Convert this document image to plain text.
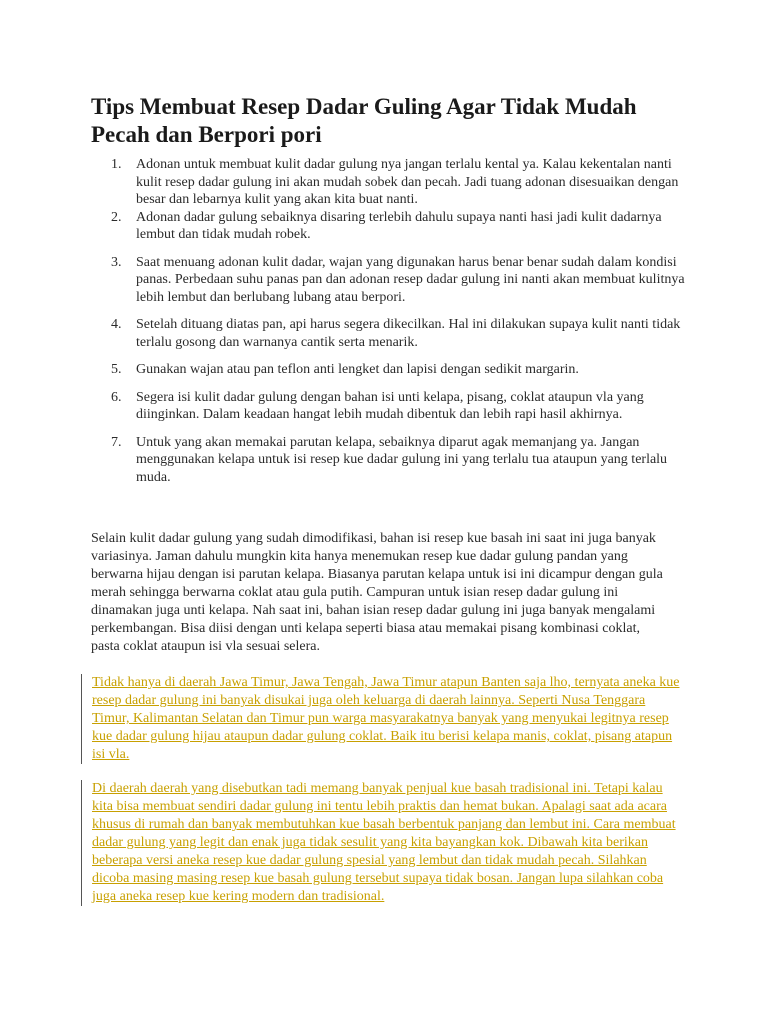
Tips Membuat Resep Dadar Guling Agar Tidak Mudah Pecah dan Berpori pori
1. Adonan untuk membuat kulit dadar gulung nya jangan terlalu kental ya. Kalau kekentalan nanti kulit resep dadar gulung ini akan mudah sobek dan pecah. Jadi tuang adonan disesuaikan dengan besar dan lebarnya kulit yang akan kita buat nanti.
2. Adonan dadar gulung sebaiknya disaring terlebih dahulu supaya nanti hasi jadi kulit dadarnya lembut dan tidak mudah robek.
3. Saat menuang adonan kulit dadar, wajan yang digunakan harus benar benar sudah dalam kondisi panas. Perbedaan suhu panas pan dan adonan resep dadar gulung ini nanti akan membuat kulitnya lebih lembut dan berlubang lubang atau berpori.
4. Setelah dituang diatas pan, api harus segera dikecilkan. Hal ini dilakukan supaya kulit nanti tidak terlalu gosong dan warnanya cantik serta menarik.
5. Gunakan wajan atau pan teflon anti lengket dan lapisi dengan sedikit margarin.
6. Segera isi kulit dadar gulung dengan bahan isi unti kelapa, pisang, coklat ataupun vla yang diinginkan. Dalam keadaan hangat lebih mudah dibentuk dan lebih rapi hasil akhirnya.
7. Untuk yang akan memakai parutan kelapa, sebaiknya diparut agak memanjang ya. Jangan menggunakan kelapa untuk isi resep kue dadar gulung ini yang terlalu tua ataupun yang terlalu muda.

Selain kulit dadar gulung yang sudah dimodifikasi, bahan isi resep kue basah ini saat ini juga banyak variasinya. Jaman dahulu mungkin kita hanya menemukan resep kue dadar gulung pandan yang berwarna hijau dengan isi parutan kelapa. Biasanya parutan kelapa untuk isi ini dicampur dengan gula merah sehingga berwarna coklat atau gula putih. Campuran untuk isian resep dadar gulung ini dinamakan juga unti kelapa. Nah saat ini, bahan isian resep dadar gulung ini juga banyak mengalami perkembangan. Bisa diisi dengan unti kelapa seperti biasa atau memakai pisang kombinasi coklat, pasta coklat ataupun isi vla sesuai selera.

Tidak hanya di daerah Jawa Timur, Jawa Tengah, Jawa Timur atapun Banten saja lho, ternyata aneka kue resep dadar gulung ini banyak disukai juga oleh keluarga di daerah lainnya. Seperti Nusa Tenggara Timur, Kalimantan Selatan dan Timur pun warga masyarakatnya banyak yang menyukai legitnya resep kue dadar gulung hijau ataupun dadar gulung coklat. Baik itu berisi kelapa manis, coklat, pisang atapun isi vla.

Di daerah daerah yang disebutkan tadi memang banyak penjual kue basah tradisional ini. Tetapi kalau kita bisa membuat sendiri dadar gulung ini tentu lebih praktis dan hemat bukan. Apalagi saat ada acara khusus di rumah dan banyak membutuhkan kue basah berbentuk panjang dan lembut ini. Cara membuat dadar gulung yang legit dan enak juga tidak sesulit yang kita bayangkan kok. Dibawah kita berikan beberapa versi aneka resep kue dadar gulung spesial yang lembut dan tidak mudah pecah. Silahkan dicoba masing masing resep kue basah gulung tersebut supaya tidak bosan. Jangan lupa silahkan coba juga aneka resep kue kering modern dan tradisional.
